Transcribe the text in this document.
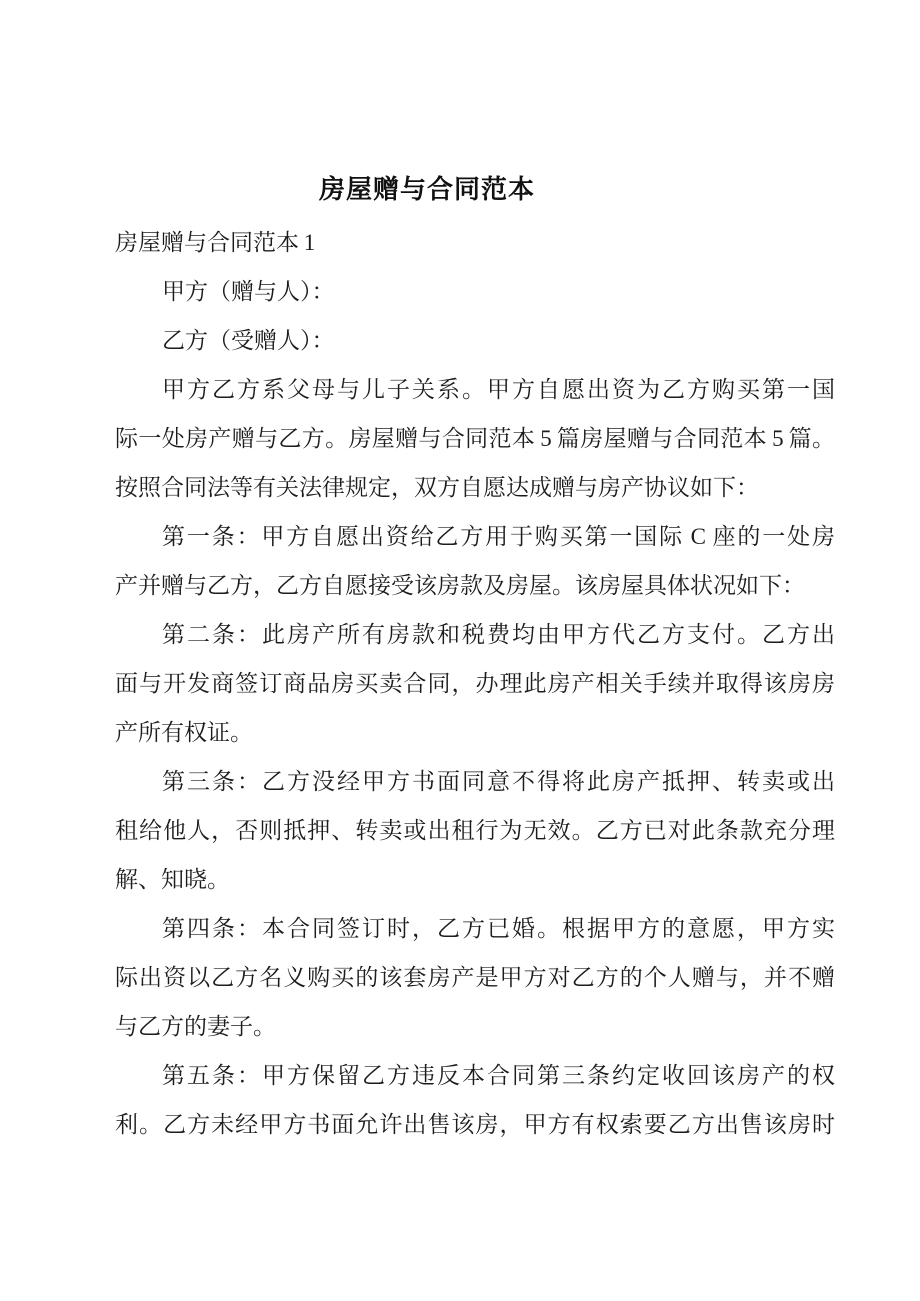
房屋赠与合同范本
房屋赠与合同范本 1
甲方（赠与人）：
乙方（受赠人）：
甲方乙方系父母与儿子关系。甲方自愿出资为乙方购买第一国
际一处房产赠与乙方。房屋赠与合同范本 5 篇房屋赠与合同范本 5 篇。
按照合同法等有关法律规定，双方自愿达成赠与房产协议如下：
第一条：甲方自愿出资给乙方用于购买第一国际 C 座的一处房
产并赠与乙方，乙方自愿接受该房款及房屋。该房屋具体状况如下：
第二条：此房产所有房款和税费均由甲方代乙方支付。乙方出
面与开发商签订商品房买卖合同，办理此房产相关手续并取得该房房
产所有权证。
第三条：乙方没经甲方书面同意不得将此房产抵押、转卖或出
租给他人，否则抵押、转卖或出租行为无效。乙方已对此条款充分理
解、知晓。
第四条：本合同签订时，乙方已婚。根据甲方的意愿，甲方实
际出资以乙方名义购买的该套房产是甲方对乙方的个人赠与，并不赠
与乙方的妻子。
第五条：甲方保留乙方违反本合同第三条约定收回该房产的权
利。乙方未经甲方书面允许出售该房，甲方有权索要乙方出售该房时
